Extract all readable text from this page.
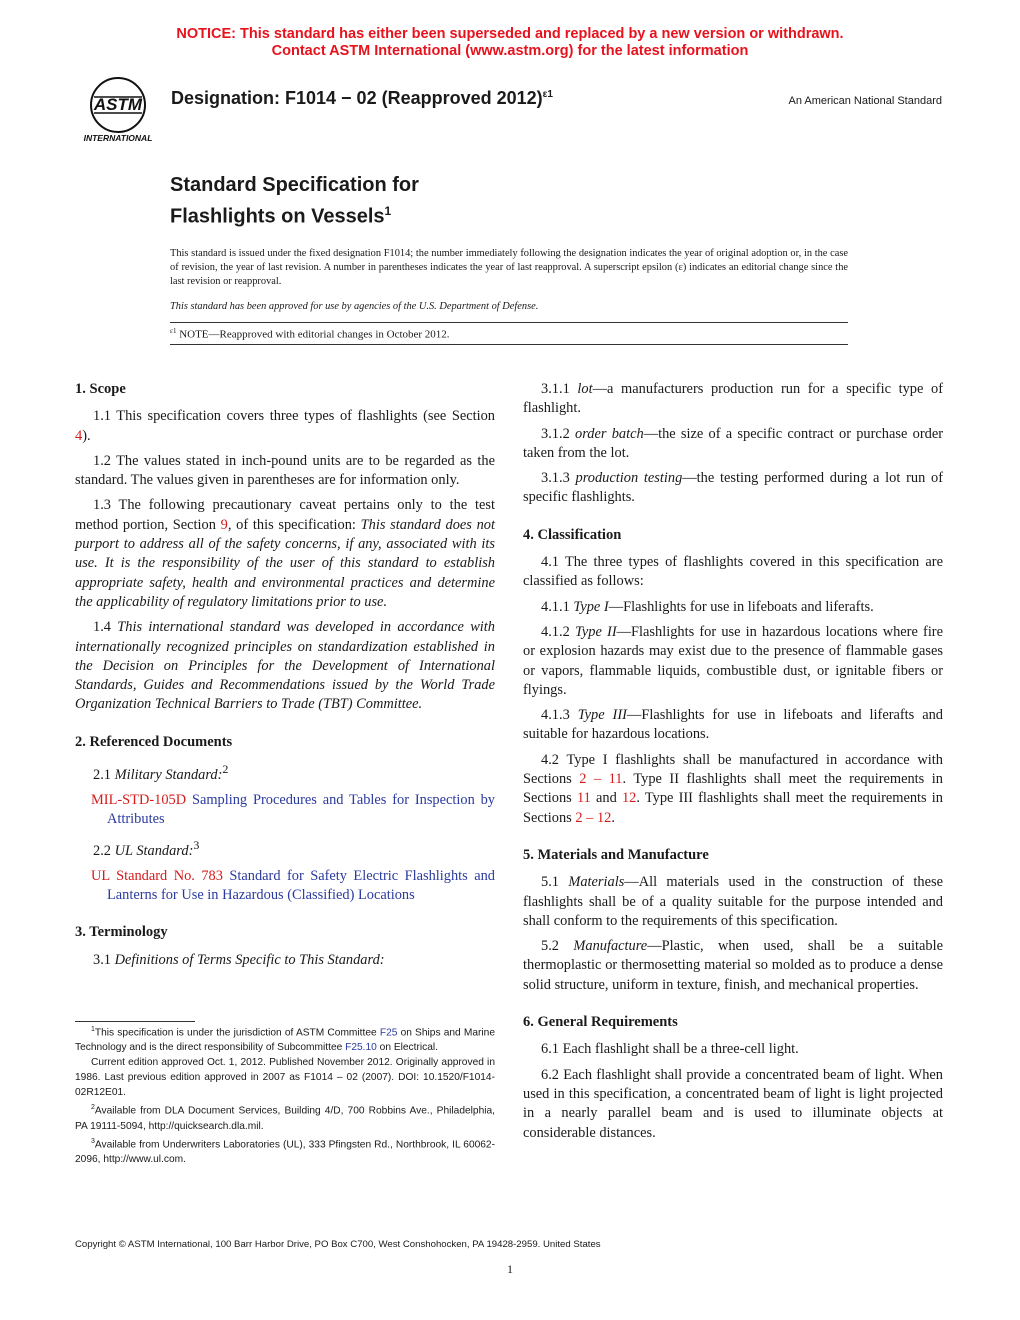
NOTICE: This standard has either been superseded and replaced by a new version or withdrawn.
Contact ASTM International (www.astm.org) for the latest information
ASTM
INTERNATIONAL
Designation: F1014 − 02 (Reapproved 2012)$^{\varepsilon 1}$
An American National Standard
Standard Specification for
Flashlights on Vessels$^1$
This standard is issued under the fixed designation F1014; the number immediately following the designation indicates the year of original adoption or, in the case of revision, the year of last revision. A number in parentheses indicates the year of last reapproval. A superscript epsilon (ε) indicates an editorial change since the last revision or reapproval.
This standard has been approved for use by agencies of the U.S. Department of Defense.
$^{\varepsilon 1}$ NOTE—Reapproved with editorial changes in October 2012.
1. Scope

1.1 This specification covers three types of flashlights (see Section 4).

1.2 The values stated in inch-pound units are to be regarded as the standard. The values given in parentheses are for information only.

1.3 The following precautionary caveat pertains only to the test method portion, Section 9, of this specification: This standard does not purport to address all of the safety concerns, if any, associated with its use. It is the responsibility of the user of this standard to establish appropriate safety, health and environmental practices and determine the applicability of regulatory limitations prior to use.

1.4 This international standard was developed in accordance with internationally recognized principles on standardization established in the Decision on Principles for the Development of International Standards, Guides and Recommendations issued by the World Trade Organization Technical Barriers to Trade (TBT) Committee.

2. Referenced Documents

2.1 Military Standard:$^2$

MIL-STD-105D Sampling Procedures and Tables for Inspection by Attributes

2.2 UL Standard:$^3$

UL Standard No. 783 Standard for Safety Electric Flashlights and Lanterns for Use in Hazardous (Classified) Locations

3. Terminology

3.1 Definitions of Terms Specific to This Standard:

3.1.1 lot—a manufacturers production run for a specific type of flashlight.

3.1.2 order batch—the size of a specific contract or purchase order taken from the lot.

3.1.3 production testing—the testing performed during a lot run of specific flashlights.

4. Classification

4.1 The three types of flashlights covered in this specification are classified as follows:

4.1.1 Type I—Flashlights for use in lifeboats and liferafts.

4.1.2 Type II—Flashlights for use in hazardous locations where fire or explosion hazards may exist due to the presence of flammable gases or vapors, flammable liquids, combustible dust, or ignitable fibers or flyings.

4.1.3 Type III—Flashlights for use in lifeboats and liferafts and suitable for hazardous locations.

4.2 Type I flashlights shall be manufactured in accordance with Sections 2 – 11. Type II flashlights shall meet the requirements in Sections 11 and 12. Type III flashlights shall meet the requirements in Sections 2 – 12.

5. Materials and Manufacture

5.1 Materials—All materials used in the construction of these flashlights shall be of a quality suitable for the purpose intended and shall conform to the requirements of this specification.

5.2 Manufacture—Plastic, when used, shall be a suitable thermoplastic or thermosetting material so molded as to produce a dense solid structure, uniform in texture, finish, and mechanical properties.

6. General Requirements

6.1 Each flashlight shall be a three-cell light.

6.2 Each flashlight shall provide a concentrated beam of light. When used in this specification, a concentrated beam of light is light projected in a nearly parallel beam and is used to illuminate objects at considerable distances.

$^1$This specification is under the jurisdiction of ASTM Committee F25 on Ships and Marine Technology and is the direct responsibility of Subcommittee F25.10 on Electrical.

Current edition approved Oct. 1, 2012. Published November 2012. Originally approved in 1986. Last previous edition approved in 2007 as F1014 – 02 (2007). DOI: 10.1520/F1014-02R12E01.

$^2$Available from DLA Document Services, Building 4/D, 700 Robbins Ave., Philadelphia, PA 19111-5094, http://quicksearch.dla.mil.

$^3$Available from Underwriters Laboratories (UL), 333 Pfingsten Rd., Northbrook, IL 60062-2096, http://www.ul.com.

Copyright © ASTM International, 100 Barr Harbor Drive, PO Box C700, West Conshohocken, PA 19428-2959. United States
1
